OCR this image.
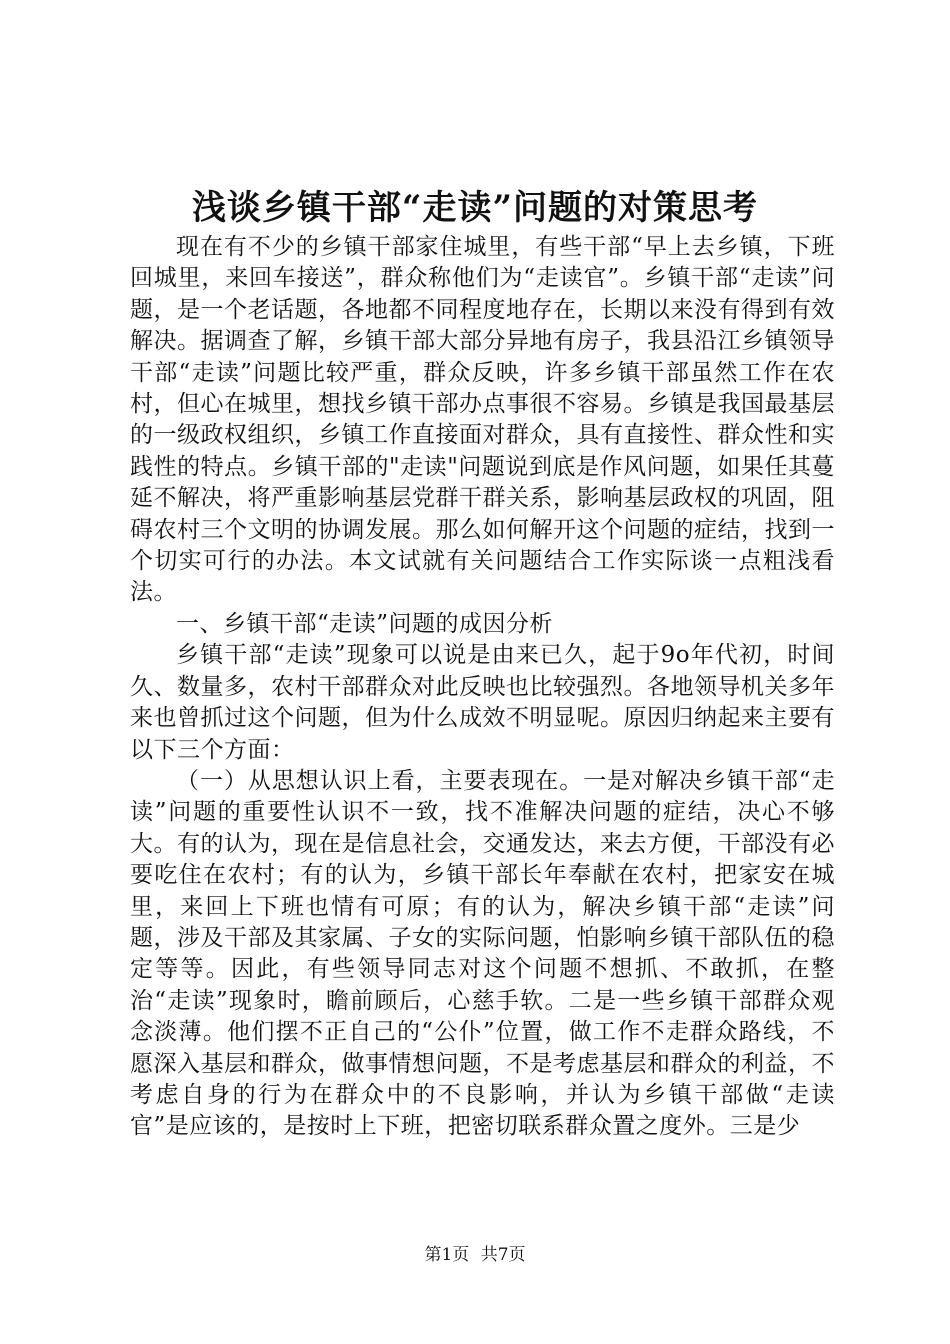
浅谈乡镇干部“走读”问题的对策思考

现在有不少的乡镇干部家住城里，有些干部“早上去乡镇，下班回城里，来回车接送”，群众称他们为“走读官”。乡镇干部“走读”问题，是一个老话题，各地都不同程度地存在，长期以来没有得到有效解决。据调查了解，乡镇干部大部分异地有房子，我县沿江乡镇领导干部“走读”问题比较严重，群众反映，许多乡镇干部虽然工作在农村，但心在城里，想找乡镇干部办点事很不容易。乡镇是我国最基层的一级政权组织，乡镇工作直接面对群众，具有直接性、群众性和实践性的特点。乡镇干部的"走读"问题说到底是作风问题，如果任其蔓延不解决，将严重影响基层党群干群关系，影响基层政权的巩固，阻碍农村三个文明的协调发展。那么如何解开这个问题的症结，找到一个切实可行的办法。本文试就有关问题结合工作实际谈一点粗浅看法。

一、乡镇干部“走读”问题的成因分析

乡镇干部“走读”现象可以说是由来已久，起于9o年代初，时间久、数量多，农村干部群众对此反映也比较强烈。各地领导机关多年来也曾抓过这个问题，但为什么成效不明显呢。原因归纳起来主要有以下三个方面：

（一）从思想认识上看，主要表现在。一是对解决乡镇干部“走读”问题的重要性认识不一致，找不准解决问题的症结，决心不够大。有的认为，现在是信息社会，交通发达，来去方便，干部没有必要吃住在农村；有的认为，乡镇干部长年奉献在农村，把家安在城里，来回上下班也情有可原；有的认为，解决乡镇干部“走读”问题，涉及干部及其家属、子女的实际问题，怕影响乡镇干部队伍的稳定等等。因此，有些领导同志对这个问题不想抓、不敢抓，在整治“走读”现象时，瞻前顾后，心慈手软。二是一些乡镇干部群众观念淡薄。他们摆不正自己的“公仆”位置，做工作不走群众路线，不愿深入基层和群众，做事情想问题，不是考虑基层和群众的利益，不考虑自身的行为在群众中的不良影响，并认为乡镇干部做“走读官”是应该的，是按时上下班，把密切联系群众置之度外。三是少

第1页 共7页
